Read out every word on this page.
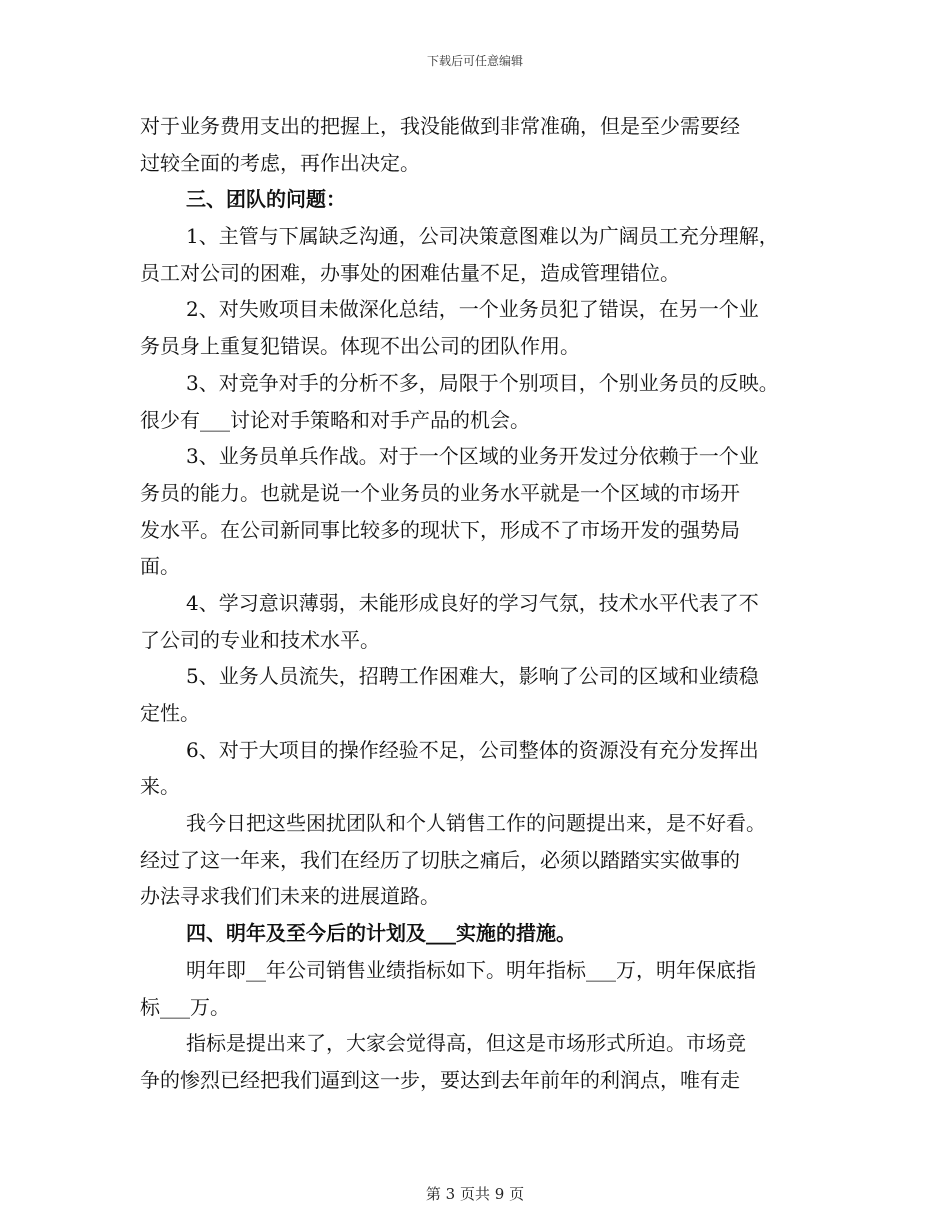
下载后可任意编辑
对于业务费用支出的把握上，我没能做到非常准确，但是至少需要经
过较全面的考虑，再作出决定。
三、团队的问题：
1、主管与下属缺乏沟通，公司决策意图难以为广阔员工充分理解，
员工对公司的困难，办事处的困难估量不足，造成管理错位。
2、对失败项目未做深化总结，一个业务员犯了错误，在另一个业
务员身上重复犯错误。体现不出公司的团队作用。
3、对竞争对手的分析不多，局限于个别项目，个别业务员的反映。
很少有___讨论对手策略和对手产品的机会。
3、业务员单兵作战。对于一个区域的业务开发过分依赖于一个业
务员的能力。也就是说一个业务员的业务水平就是一个区域的市场开
发水平。在公司新同事比较多的现状下，形成不了市场开发的强势局
面。
4、学习意识薄弱，未能形成良好的学习气氛，技术水平代表了不
了公司的专业和技术水平。
5、业务人员流失，招聘工作困难大，影响了公司的区域和业绩稳
定性。
6、对于大项目的操作经验不足，公司整体的资源没有充分发挥出
来。
我今日把这些困扰团队和个人销售工作的问题提出来，是不好看。
经过了这一年来，我们在经历了切肤之痛后，必须以踏踏实实做事的
办法寻求我们们未来的进展道路。
四、明年及至今后的计划及___实施的措施。
明年即__年公司销售业绩指标如下。明年指标___万，明年保底指
标___万。
指标是提出来了，大家会觉得高，但这是市场形式所迫。市场竞
争的惨烈已经把我们逼到这一步，要达到去年前年的利润点，唯有走
第 3 页共 9 页
